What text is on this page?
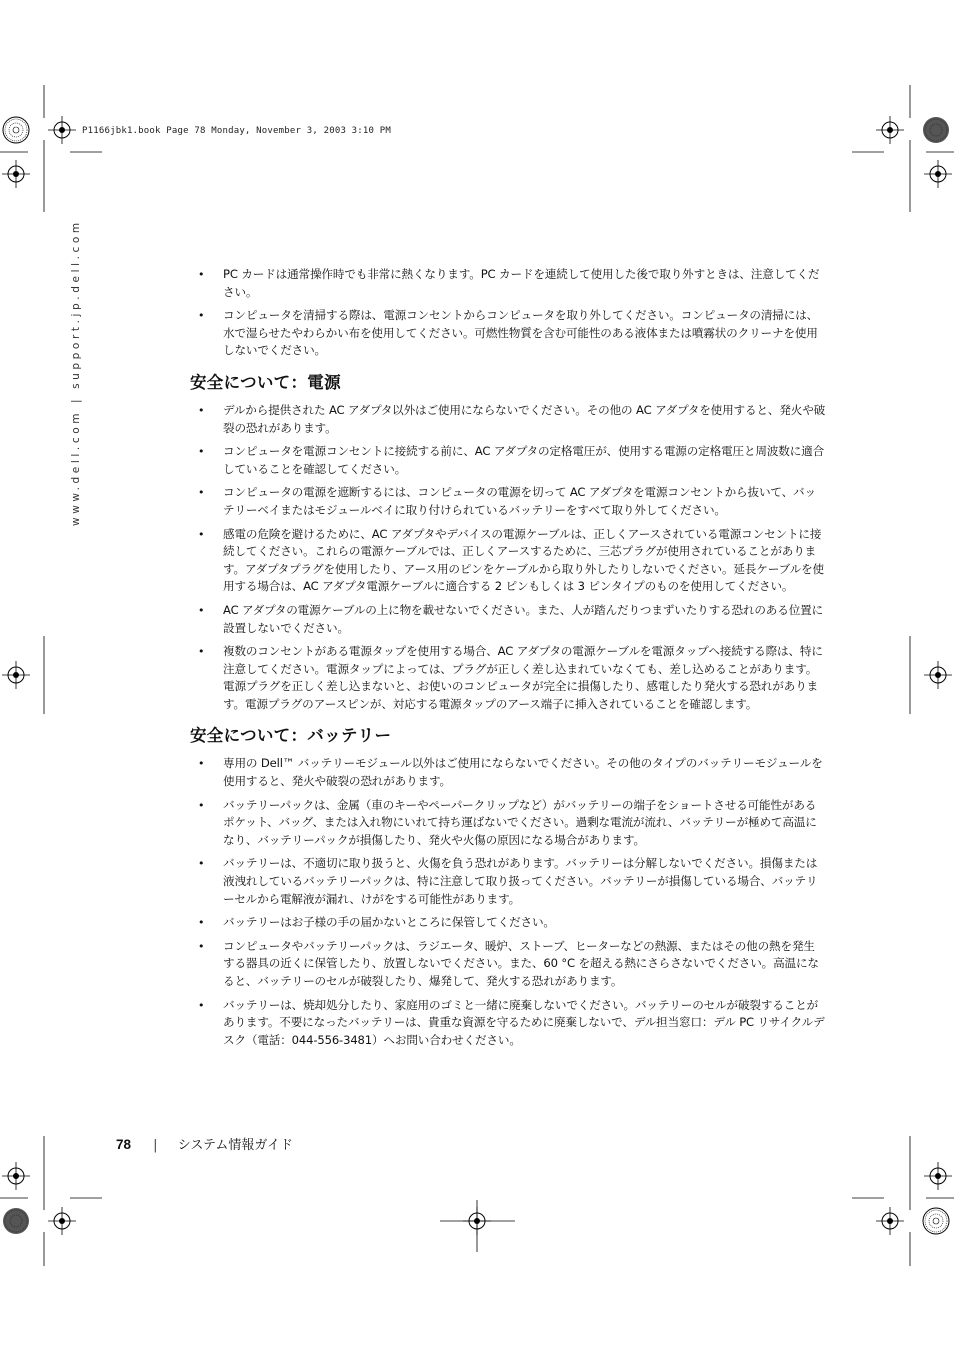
P1166jbk1.book Page 78 Monday, November 3, 2003 3:10 PM
www.dell.com | support.jp.dell.com
•	PC カードは通常操作時でも非常に熱くなります。PC カードを連続して使用した後で取り外すときは、注意してください。
• コンピュータを清掃する際は、電源コンセントからコンピュータを取り外してください。コンピュータの清掃には、水で湿らせたやわらかい布を使用してください。可燃性物質を含む可能性のある液体または噴霧状のクリーナを使用しないでください。
安全について：電源
• デルから提供された AC アダプタ以外はご使用にならないでください。その他の AC アダプタを使用すると、発火や破裂の恐れがあります。
• コンピュータを電源コンセントに接続する前に、AC アダプタの定格電圧が、使用する電源の定格電圧と周波数に適合していることを確認してください。
• コンピュータの電源を遮断するには、コンピュータの電源を切って AC アダプタを電源コンセントから抜いて、バッテリーベイまたはモジュールベイに取り付けられているバッテリーをすべて取り外してください。
• 感電の危険を避けるために、AC アダプタやデバイスの電源ケーブルは、正しくアースされている電源コンセントに接続してください。これらの電源ケーブルでは、正しくアースするために、三芯プラグが使用されていることがあります。アダプタプラグを使用したり、アース用のピンをケーブルから取り外したりしないでください。延長ケーブルを使用する場合は、AC アダプタ電源ケーブルに適合する 2 ピンもしくは 3 ピンタイプのものを使用してください。
• AC アダプタの電源ケーブルの上に物を載せないでください。また、人が踏んだりつまずいたりする恐れのある位置に設置しないでください。
• 複数のコンセントがある電源タップを使用する場合、AC アダプタの電源ケーブルを電源タップへ接続する際は、特に注意してください。電源タップによっては、プラグが正しく差し込まれていなくても、差し込めることがあります。電源プラグを正しく差し込まないと、お使いのコンピュータが完全に損傷したり、感電したり発火する恐れがあります。電源プラグのアースピンが、対応する電源タップのアース端子に挿入されていることを確認します。
安全について：バッテリー
• 専用の Dell™ バッテリーモジュール以外はご使用にならないでください。その他のタイプのバッテリーモジュールを使用すると、発火や破裂の恐れがあります。
• バッテリーパックは、金属（車のキーやペーパークリップなど）がバッテリーの端子をショートさせる可能性があるポケット、バッグ、または入れ物にいれて持ち運ばないでください。過剰な電流が流れ、バッテリーが極めて高温になり、バッテリーパックが損傷したり、発火や火傷の原因になる場合があります。
• バッテリーは、不適切に取り扱うと、火傷を負う恐れがあります。バッテリーは分解しないでください。損傷または液洩れしているバッテリーパックは、特に注意して取り扱ってください。バッテリーが損傷している場合、バッテリーセルから電解液が漏れ、けがをする可能性があります。
• バッテリーはお子様の手の届かないところに保管してください。
• コンピュータやバッテリーパックは、ラジエータ、暖炉、ストーブ、ヒーターなどの熱源、またはその他の熱を発生する器具の近くに保管したり、放置しないでください。また、60 °C を超える熱にさらさないでください。高温になると、バッテリーのセルが破裂したり、爆発して、発火する恐れがあります。
• バッテリーは、焼却処分したり、家庭用のゴミと一緒に廃棄しないでください。バッテリーのセルが破裂することがあります。不要になったバッテリーは、貴重な資源を守るために廃棄しないで、デル担当窓口：デル PC リサイクルデスク（電話：044-556-3481）へお問い合わせください。
78 | システム情報ガイド
